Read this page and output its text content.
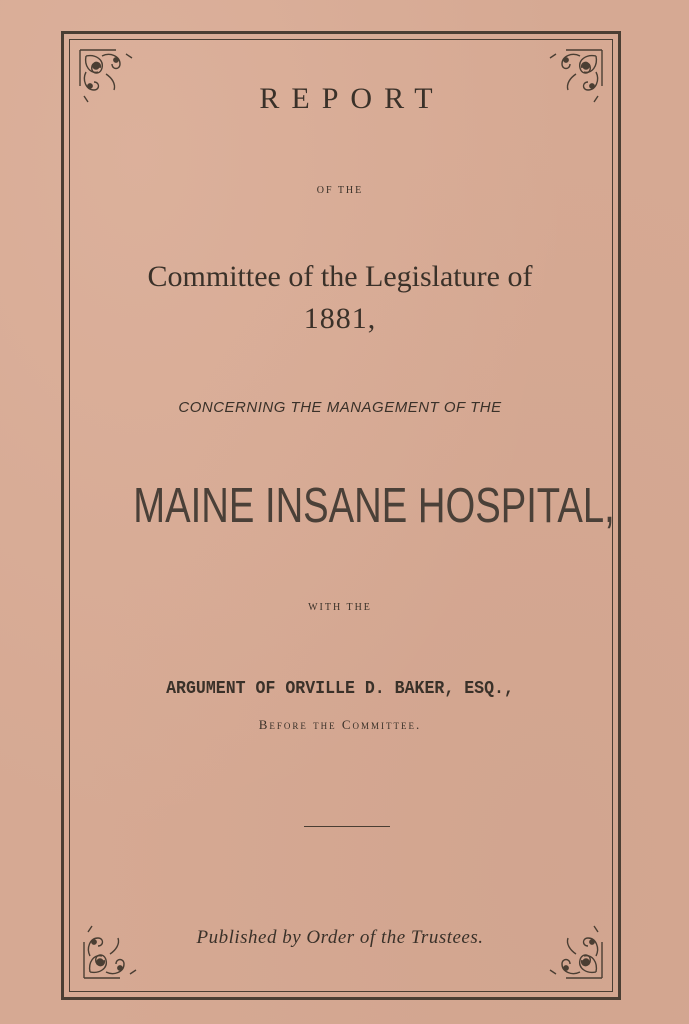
REPORT
OF THE
Committee of the Legislature of
1881,
CONCERNING THE MANAGEMENT OF THE
MAINE INSANE HOSPITAL,
WITH THE
ARGUMENT OF ORVILLE D. BAKER, ESQ.,
Before the Committee.
Published by Order of the Trustees.
